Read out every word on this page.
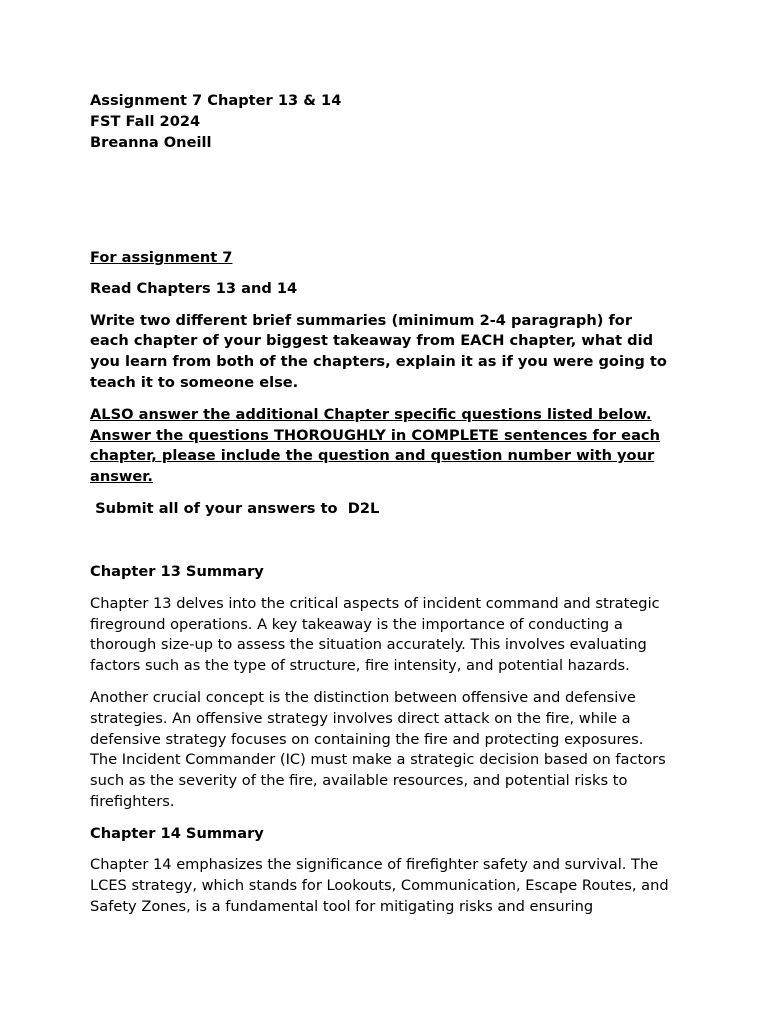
Assignment 7 Chapter 13 & 14

FST Fall 2024

Breanna Oneill

For assignment 7

Read Chapters 13 and 14

Write two different brief summaries (minimum 2-4 paragraph) for each chapter of your biggest takeaway from EACH chapter, what did you learn from both of the chapters, explain it as if you were going to teach it to someone else.

ALSO answer the additional Chapter specific questions listed below. Answer the questions THOROUGHLY in COMPLETE sentences for each chapter, please include the question and question number with your answer.

Submit all of your answers to  D2L

Chapter 13 Summary

Chapter 13 delves into the critical aspects of incident command and strategic fireground operations. A key takeaway is the importance of conducting a thorough size-up to assess the situation accurately. This involves evaluating factors such as the type of structure, fire intensity, and potential hazards.

Another crucial concept is the distinction between offensive and defensive strategies. An offensive strategy involves direct attack on the fire, while a defensive strategy focuses on containing the fire and protecting exposures. The Incident Commander (IC) must make a strategic decision based on factors such as the severity of the fire, available resources, and potential risks to firefighters.

Chapter 14 Summary

Chapter 14 emphasizes the significance of firefighter safety and survival. The LCES strategy, which stands for Lookouts, Communication, Escape Routes, and Safety Zones, is a fundamental tool for mitigating risks and ensuring
